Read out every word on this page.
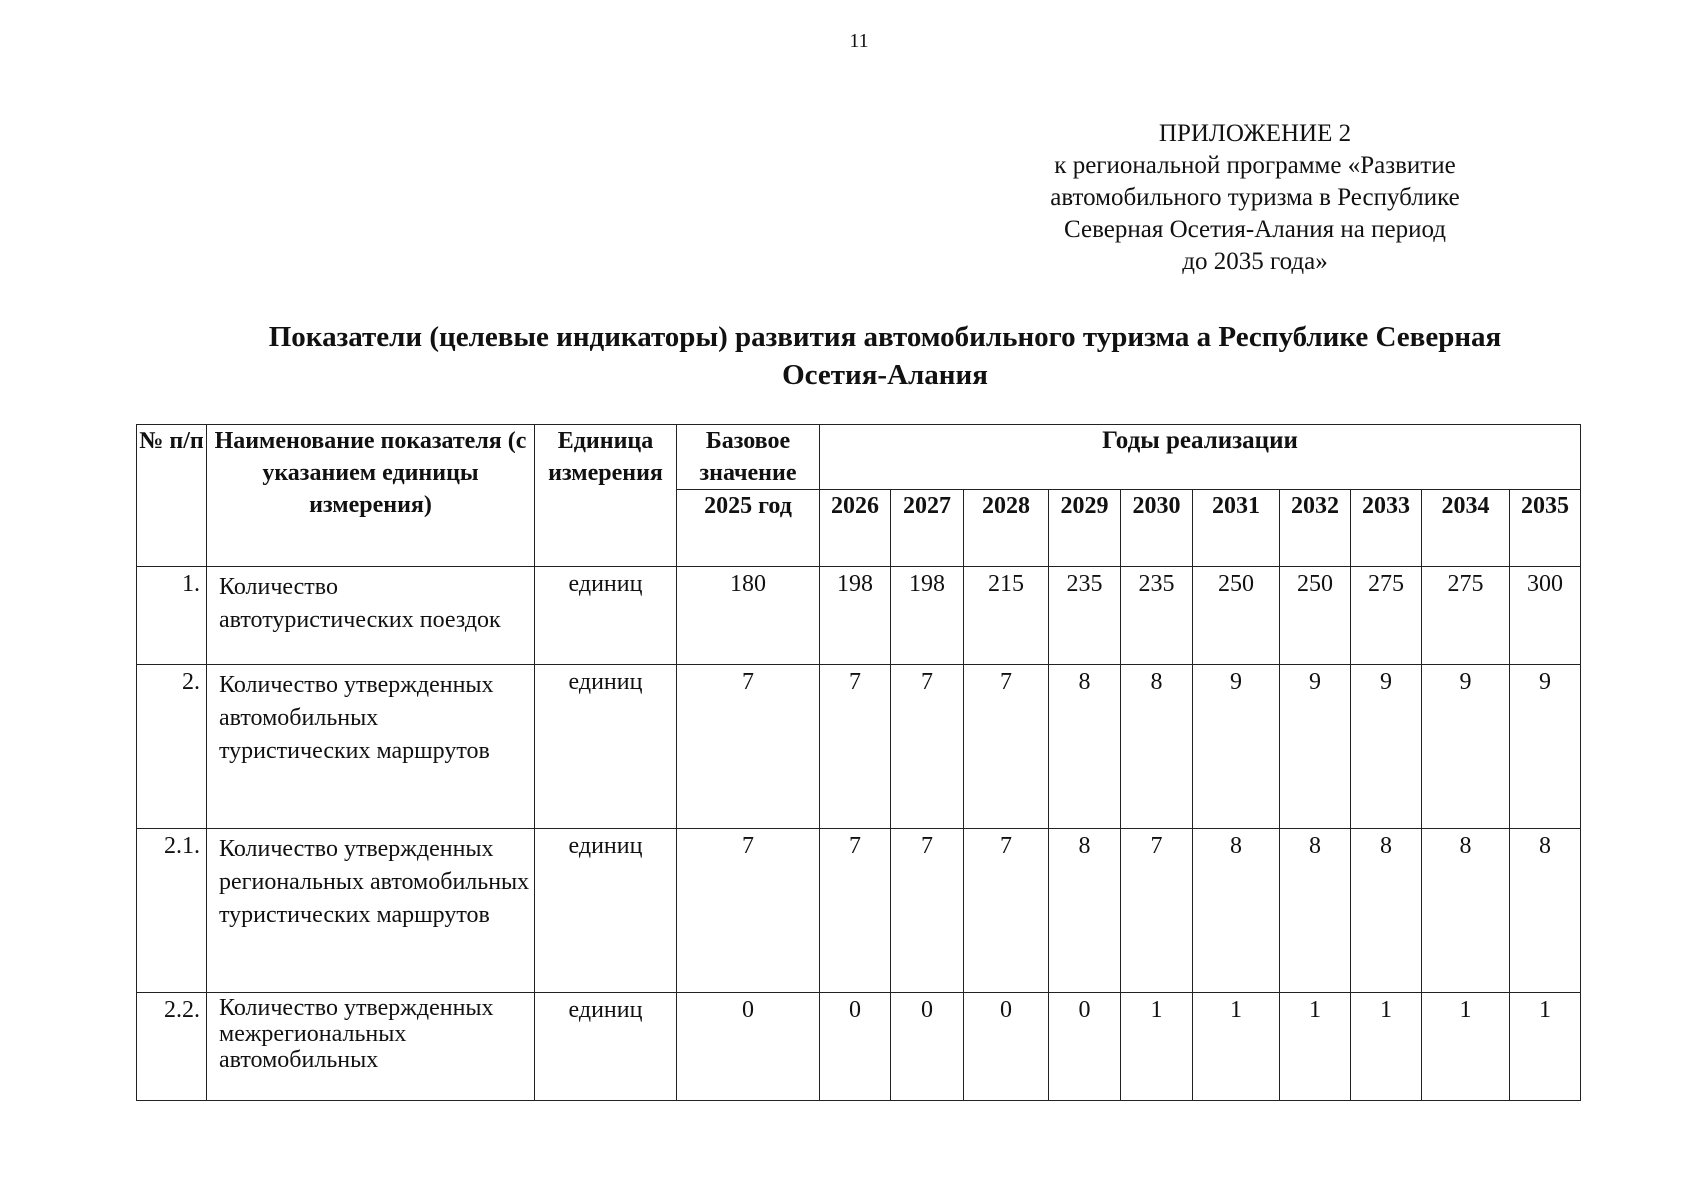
11
ПРИЛОЖЕНИЕ 2
к региональной программе «Развитие
автомобильного туризма в Республике
Северная Осетия-Алания на период
до 2035 года»
Показатели (целевые индикаторы) развития автомобильного туризма а Республике Северная
Осетия-Алания
№ п/п	Наименование показателя (с указанием единицы измерения)	Единица измерения	Базовое значение	Годы реализации									
			2025 год	2026	2027	2028	2029	2030	2031	2032	2033	2034	2035
1.	Количество автотуристических поездок	единиц	180	198	198	215	235	235	250	250	275	275	300
2.	Количество утвержденных автомобильных туристических маршрутов	единиц	7	7	7	7	8	8	9	9	9	9	9
2.1.	Количество утвержденных региональных автомобильных туристических маршрутов	единиц	7	7	7	7	8	7	8	8	8	8	8
2.2.	Количество утвержденных межрегиональных автомобильных	единиц	0	0	0	0	0	1	1	1	1	1	1
